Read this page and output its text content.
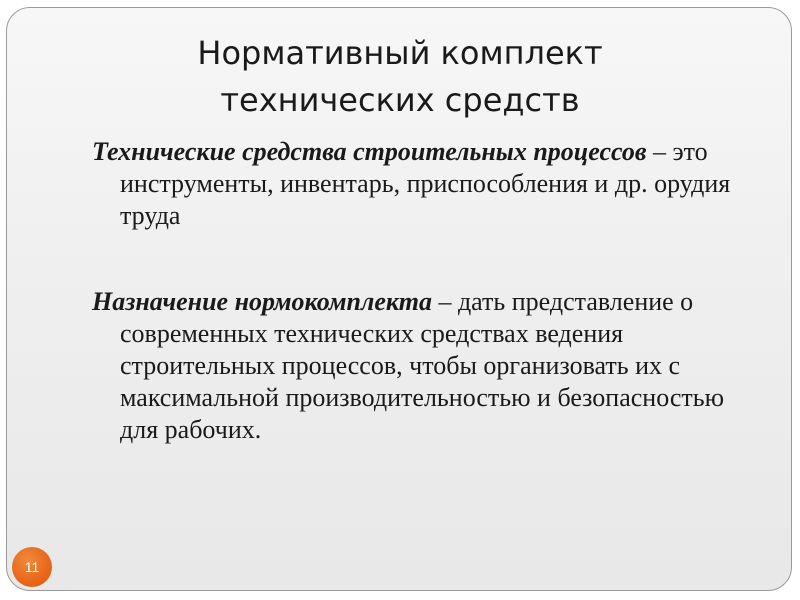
Нормативный комплект
технических средств
Технические средства строительных процессов – это инструменты, инвентарь, приспособления и др. орудия труда
Назначение нормокомплекта – дать представление о современных технических средствах ведения строительных процессов, чтобы организовать их с максимальной производительностью и безопасностью для рабочих.
11
